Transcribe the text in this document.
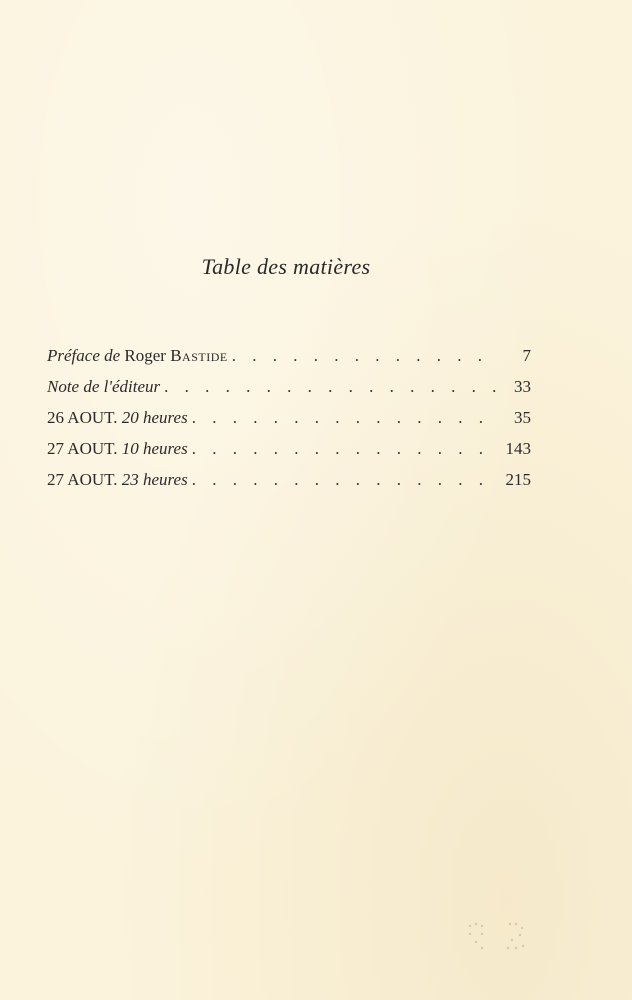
Table des matières
Préface de Roger Bastide . . .	7
Note de l'éditeur . . .	33
26 AOUT. 20 heures . . .	35
27 AOUT. 10 heures . . .	143
27 AOUT. 23 heures . . .	215
